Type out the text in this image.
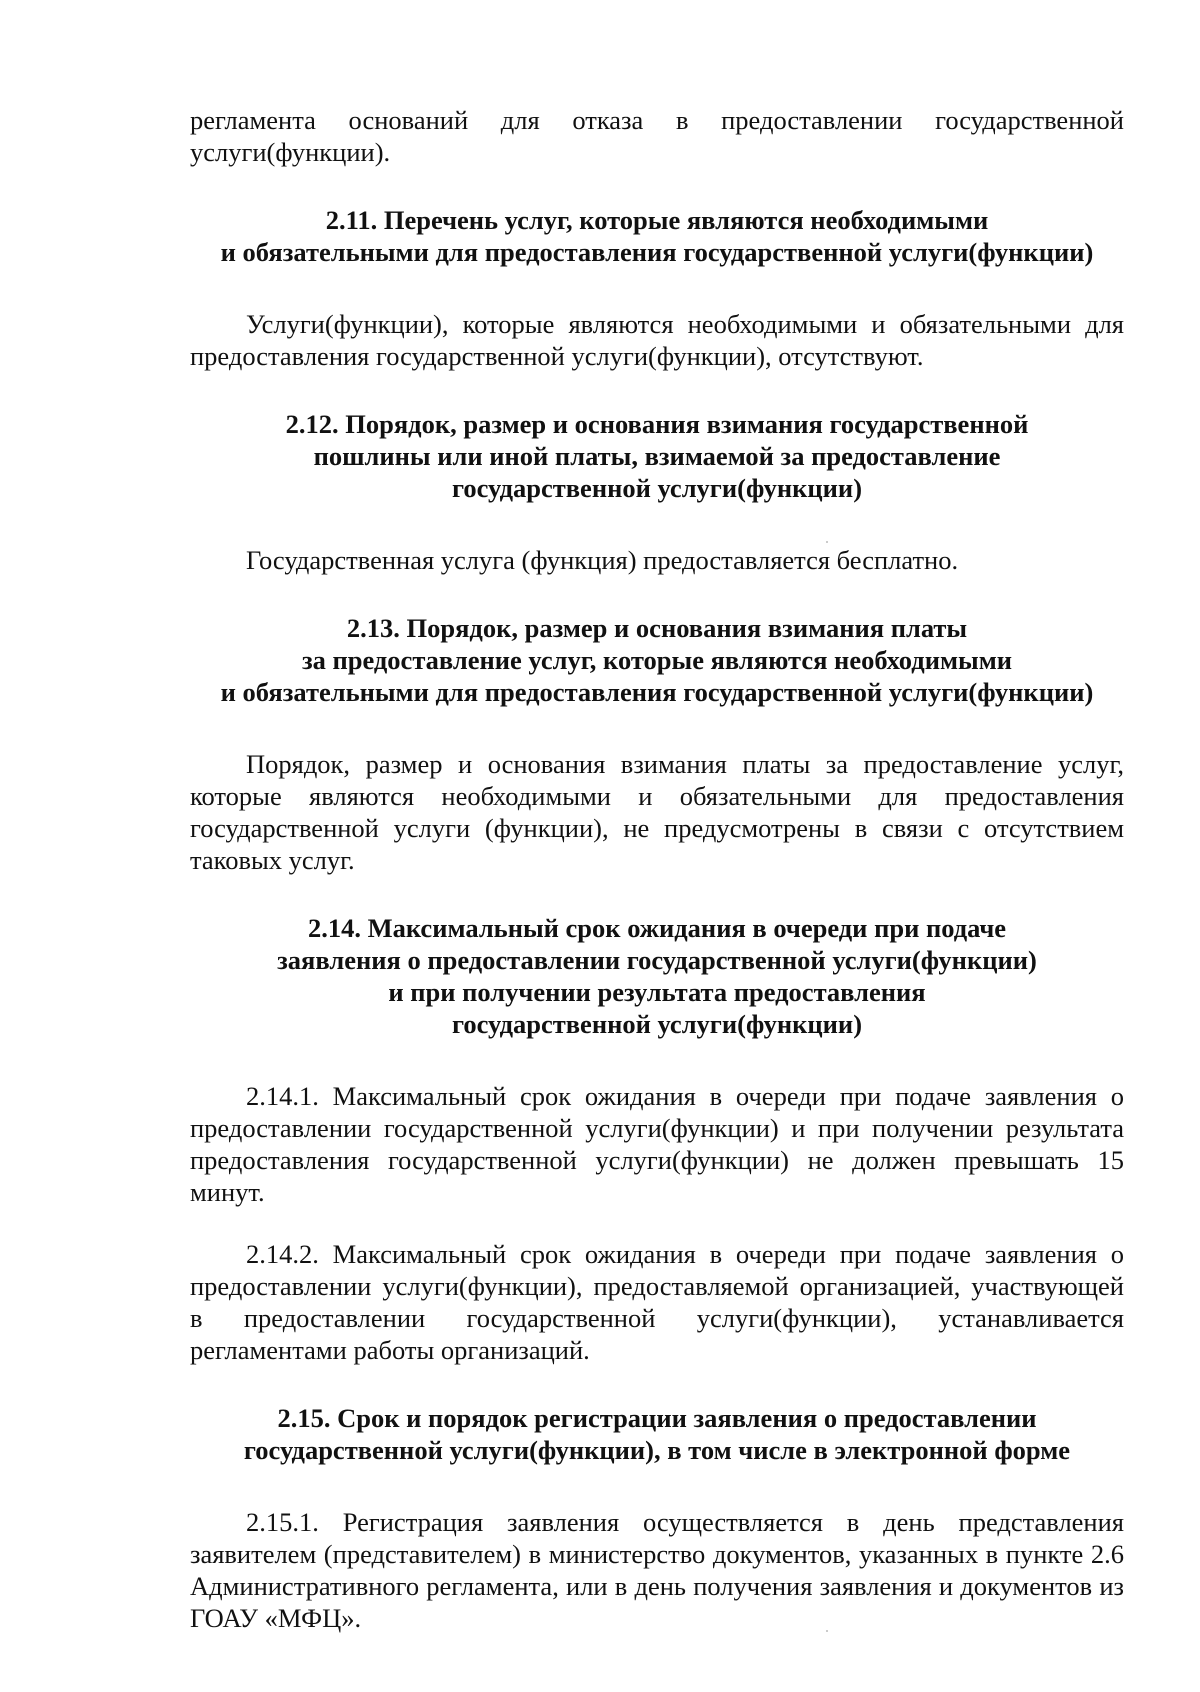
регламента оснований для отказа в предоставлении государственной
услуги(функции).

2.11. Перечень услуг, которые являются необходимыми
и обязательными для предоставления государственной услуги(функции)

Услуги(функции), которые являются необходимыми и обязательными для предоставления государственной услуги(функции), отсутствуют.

2.12. Порядок, размер и основания взимания государственной
пошлины или иной платы, взимаемой за предоставление
государственной услуги(функции)

Государственная услуга (функция) предоставляется бесплатно.

2.13. Порядок, размер и основания взимания платы
за предоставление услуг, которые являются необходимыми
и обязательными для предоставления государственной услуги(функции)

Порядок, размер и основания взимания платы за предоставление услуг, которые являются необходимыми и обязательными для предоставления государственной услуги (функции), не предусмотрены в связи с отсутствием таковых услуг.

2.14. Максимальный срок ожидания в очереди при подаче
заявления о предоставлении государственной услуги(функции)
и при получении результата предоставления
государственной услуги(функции)

2.14.1. Максимальный срок ожидания в очереди при подаче заявления о предоставлении государственной услуги(функции) и при получении результата предоставления государственной услуги(функции) не должен превышать 15 минут.

2.14.2. Максимальный срок ожидания в очереди при подаче заявления о предоставлении услуги(функции), предоставляемой организацией, участвующей в предоставлении государственной услуги(функции), устанавливается регламентами работы организаций.

2.15. Срок и порядок регистрации заявления о предоставлении
государственной услуги(функции), в том числе в электронной форме

2.15.1. Регистрация заявления осуществляется в день представления заявителем (представителем) в министерство документов, указанных в пункте 2.6 Административного регламента, или в день получения заявления и документов из ГОАУ «МФЦ».
